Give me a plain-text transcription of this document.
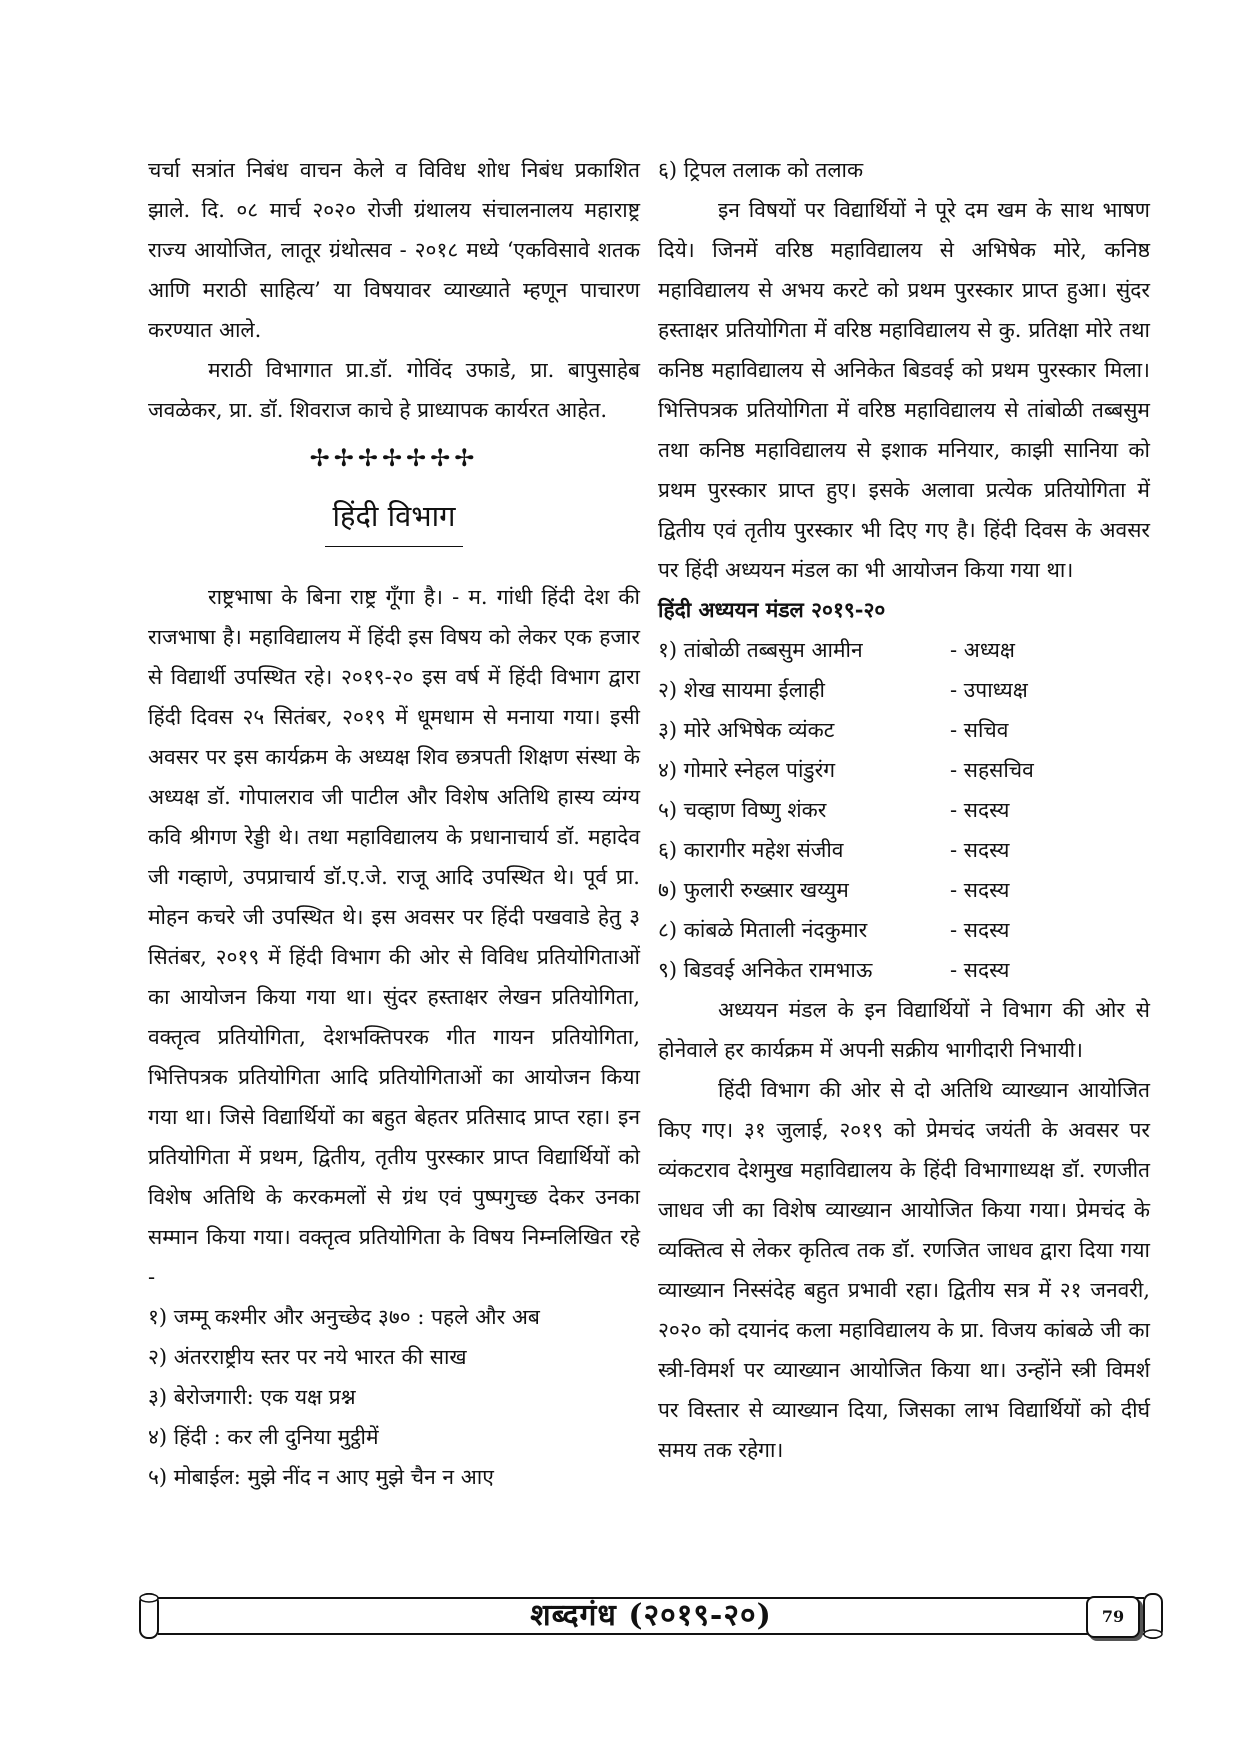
चर्चा सत्रांत निबंध वाचन केले व विविध शोध निबंध प्रकाशित झाले. दि. ०८ मार्च २०२० रोजी ग्रंथालय संचालनालय महाराष्ट्र राज्य आयोजित, लातूर ग्रंथोत्सव - २०१८ मध्ये ‘एकविसावे शतक आणि मराठी साहित्य’ या विषयावर व्याख्याते म्हणून पाचारण करण्यात आले.

मराठी विभागात प्रा.डॉ. गोविंद उफाडे, प्रा. बापुसाहेब जवळेकर, प्रा. डॉ. शिवराज काचे हे प्राध्यापक कार्यरत आहेत.

✢✢✢✢✢✢✢
हिंदी विभाग

राष्ट्रभाषा के बिना राष्ट्र गूँगा है। - म. गांधी हिंदी देश की राजभाषा है। महाविद्यालय में हिंदी इस विषय को लेकर एक हजार से विद्यार्थी उपस्थित रहे। २०१९-२० इस वर्ष में हिंदी विभाग द्वारा हिंदी दिवस २५ सितंबर, २०१९ में धूमधाम से मनाया गया। इसी अवसर पर इस कार्यक्रम के अध्यक्ष शिव छत्रपती शिक्षण संस्था के अध्यक्ष डॉ. गोपालराव जी पाटील और विशेष अतिथि हास्य व्यंग्य कवि श्रीगण रेड्डी थे। तथा महाविद्यालय के प्रधानाचार्य डॉ. महादेव जी गव्हाणे, उपप्राचार्य डॉ.ए.जे. राजू आदि उपस्थित थे। पूर्व प्रा. मोहन कचरे जी उपस्थित थे। इस अवसर पर हिंदी पखवाडे हेतु ३ सितंबर, २०१९ में हिंदी विभाग की ओर से विविध प्रतियोगिताओं का आयोजन किया गया था। सुंदर हस्ताक्षर लेखन प्रतियोगिता, वक्तृत्व प्रतियोगिता, देशभक्तिपरक गीत गायन प्रतियोगिता, भित्तिपत्रक प्रतियोगिता आदि प्रतियोगिताओं का आयोजन किया गया था। जिसे विद्यार्थियों का बहुत बेहतर प्रतिसाद प्राप्त रहा। इन प्रतियोगिता में प्रथम, द्वितीय, तृतीय पुरस्कार प्राप्त विद्यार्थियों को विशेष अतिथि के करकमलों से ग्रंथ एवं पुष्पगुच्छ देकर उनका सम्मान किया गया। वक्तृत्व प्रतियोगिता के विषय निम्नलिखित रहे -

१) जम्मू कश्मीर और अनुच्छेद ३७० : पहले और अब

२) अंतरराष्ट्रीय स्तर पर नये भारत की साख

३) बेरोजगारी: एक यक्ष प्रश्न

४) हिंदी : कर ली दुनिया मुट्ठीमें

५) मोबाईल: मुझे नींद न आए मुझे चैन न आए

६) ट्रिपल तलाक को तलाक

इन विषयों पर विद्यार्थियों ने पूरे दम खम के साथ भाषण दिये। जिनमें वरिष्ठ महाविद्यालय से अभिषेक मोरे, कनिष्ठ महाविद्यालय से अभय करटे को प्रथम पुरस्कार प्राप्त हुआ। सुंदर हस्ताक्षर प्रतियोगिता में वरिष्ठ महाविद्यालय से कु. प्रतिक्षा मोरे तथा कनिष्ठ महाविद्यालय से अनिकेत बिडवई को प्रथम पुरस्कार मिला। भित्तिपत्रक प्रतियोगिता में वरिष्ठ महाविद्यालय से तांबोळी तब्बसुम तथा कनिष्ठ महाविद्यालय से इशाक मनियार, काझी सानिया को प्रथम पुरस्कार प्राप्त हुए। इसके अलावा प्रत्येक प्रतियोगिता में द्वितीय एवं तृतीय पुरस्कार भी दिए गए है। हिंदी दिवस के अवसर पर हिंदी अध्ययन मंडल का भी आयोजन किया गया था।

हिंदी अध्ययन मंडल २०१९-२०

१) तांबोळी तब्बसुम आमीन	- अध्यक्ष
२) शेख सायमा ईलाही	- उपाध्यक्ष
३) मोरे अभिषेक व्यंकट	- सचिव
४) गोमारे स्नेहल पांडुरंग	- सहसचिव
५) चव्हाण विष्णु शंकर	- सदस्य
६) कारागीर महेश संजीव	- सदस्य
७) फुलारी रुख्सार खय्युम	- सदस्य
८) कांबळे मिताली नंदकुमार	- सदस्य
९) बिडवई अनिकेत रामभाऊ	- सदस्य

अध्ययन मंडल के इन विद्यार्थियों ने विभाग की ओर से होनेवाले हर कार्यक्रम में अपनी सक्रीय भागीदारी निभायी।

हिंदी विभाग की ओर से दो अतिथि व्याख्यान आयोजित किए गए। ३१ जुलाई, २०१९ को प्रेमचंद जयंती के अवसर पर व्यंकटराव देशमुख महाविद्यालय के हिंदी विभागाध्यक्ष डॉ. रणजीत जाधव जी का विशेष व्याख्यान आयोजित किया गया। प्रेमचंद के व्यक्तित्व से लेकर कृतित्व तक डॉ. रणजित जाधव द्वारा दिया गया व्याख्यान निस्संदेह बहुत प्रभावी रहा। द्वितीय सत्र में २१ जनवरी, २०२० को दयानंद कला महाविद्यालय के प्रा. विजय कांबळे जी का स्त्री-विमर्श पर व्याख्यान आयोजित किया था। उन्होंने स्त्री विमर्श पर विस्तार से व्याख्यान दिया, जिसका लाभ विद्यार्थियों को दीर्घ समय तक रहेगा।

शब्दगंध (२०१९-२०)	79
